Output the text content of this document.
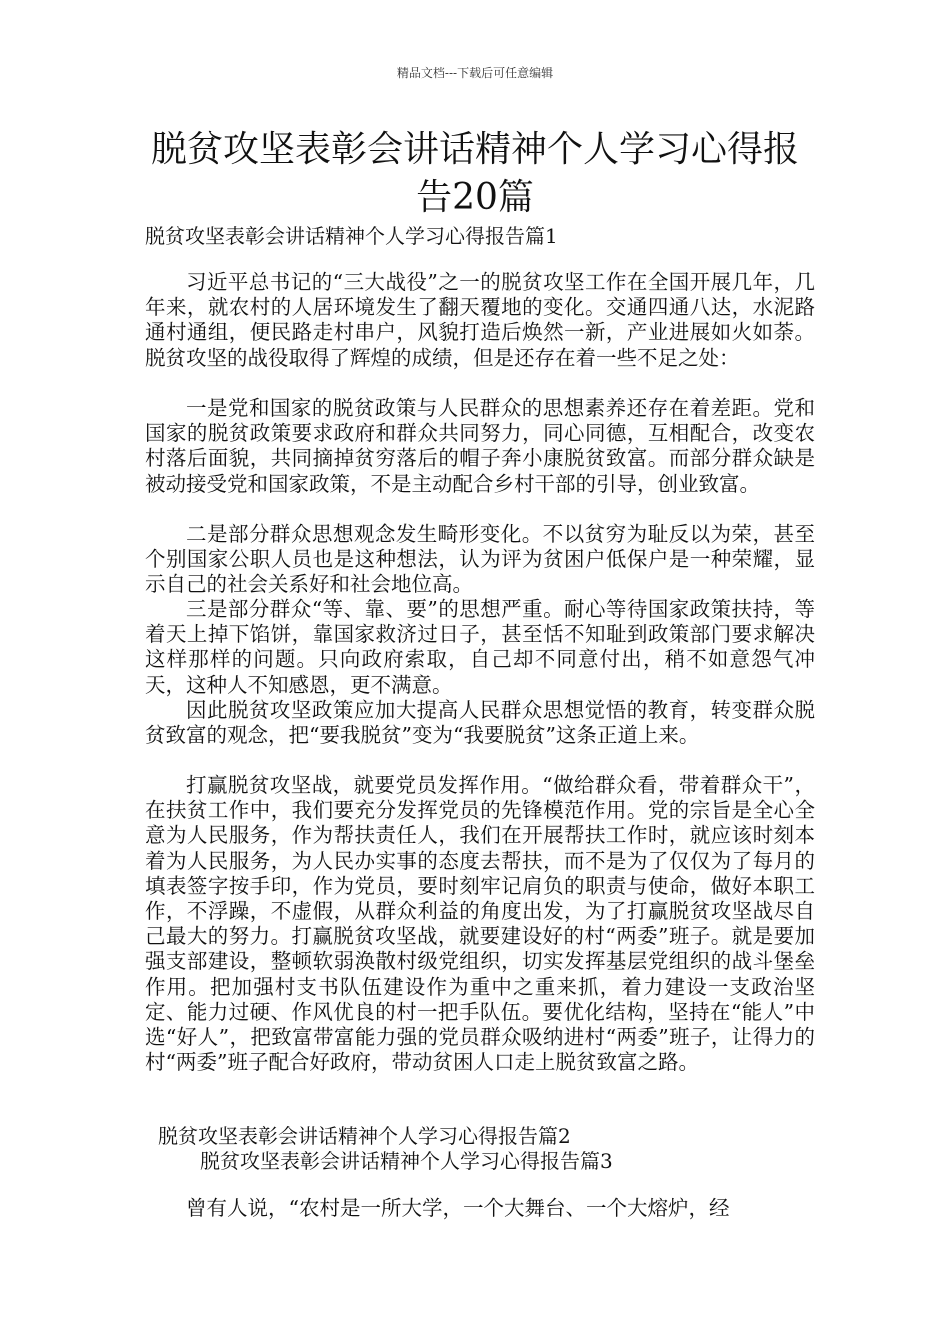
精品文档---下载后可任意编辑
脱贫攻坚表彰会讲话精神个人学习心得报告20篇

脱贫攻坚表彰会讲话精神个人学习心得报告篇1

习近平总书记的“三大战役”之一的脱贫攻坚工作在全国开展几年，几年来，就农村的人居环境发生了翻天覆地的变化。交通四通八达，水泥路通村通组，便民路走村串户，风貌打造后焕然一新，产业进展如火如荼。脱贫攻坚的战役取得了辉煌的成绩，但是还存在着一些不足之处：

一是党和国家的脱贫政策与人民群众的思想素养还存在着差距。党和国家的脱贫政策要求政府和群众共同努力，同心同德，互相配合，改变农村落后面貌，共同摘掉贫穷落后的帽子奔小康脱贫致富。而部分群众缺是被动接受党和国家政策，不是主动配合乡村干部的引导，创业致富。

二是部分群众思想观念发生畸形变化。不以贫穷为耻反以为荣，甚至个别国家公职人员也是这种想法，认为评为贫困户低保户是一种荣耀，显示自己的社会关系好和社会地位高。

三是部分群众“等、靠、要”的思想严重。耐心等待国家政策扶持，等着天上掉下馅饼，靠国家救济过日子，甚至恬不知耻到政策部门要求解决这样那样的问题。只向政府索取，自己却不同意付出，稍不如意怨气冲天，这种人不知感恩，更不满意。

因此脱贫攻坚政策应加大提高人民群众思想觉悟的教育，转变群众脱贫致富的观念，把“要我脱贫”变为“我要脱贫”这条正道上来。

打赢脱贫攻坚战，就要党员发挥作用。“做给群众看，带着群众干”，在扶贫工作中，我们要充分发挥党员的先锋模范作用。党的宗旨是全心全意为人民服务，作为帮扶责任人，我们在开展帮扶工作时，就应该时刻本着为人民服务，为人民办实事的态度去帮扶，而不是为了仅仅为了每月的填表签字按手印，作为党员，要时刻牢记肩负的职责与使命，做好本职工作，不浮躁，不虚假，从群众利益的角度出发，为了打赢脱贫攻坚战尽自己最大的努力。打赢脱贫攻坚战，就要建设好的村“两委”班子。就是要加强支部建设，整顿软弱涣散村级党组织，切实发挥基层党组织的战斗堡垒作用。把加强村支书队伍建设作为重中之重来抓，着力建设一支政治坚定、能力过硬、作风优良的村一把手队伍。要优化结构，坚持在“能人”中选“好人”，把致富带富能力强的党员群众吸纳进村“两委”班子，让得力的村“两委”班子配合好政府，带动贫困人口走上脱贫致富之路。

脱贫攻坚表彰会讲话精神个人学习心得报告篇2

脱贫攻坚表彰会讲话精神个人学习心得报告篇3

曾有人说，“农村是一所大学，一个大舞台、一个大熔炉，经
